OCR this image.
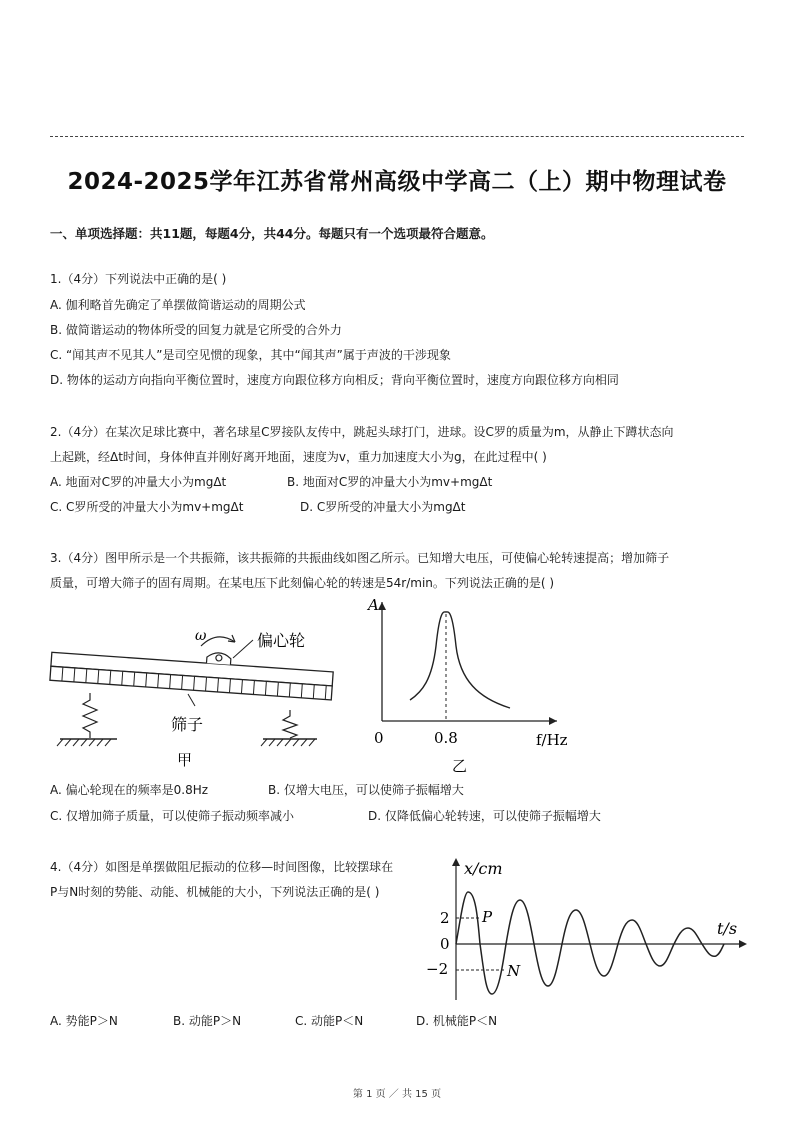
2024-2025学年江苏省常州高级中学高二（上）期中物理试卷
一、单项选择题：共11题，每题4分，共44分。每题只有一个选项最符合题意。
1.（4分）下列说法中正确的是( )
A. 伽利略首先确定了单摆做简谐运动的周期公式
B. 做简谐运动的物体所受的回复力就是它所受的合外力
C. “闻其声不见其人”是司空见惯的现象，其中“闻其声”属于声波的干涉现象
D. 物体的运动方向指向平衡位置时，速度方向跟位移方向相反；背向平衡位置时，速度方向跟位移方向相同
2.（4分）在某次足球比赛中，著名球星C罗接队友传中，跳起头球打门，进球。设C罗的质量为m，从静止下蹲状态向
上起跳，经Δt时间，身体伸直并刚好离开地面，速度为v，重力加速度大小为g，在此过程中( )
A. 地面对C罗的冲量大小为mgΔt	B. 地面对C罗的冲量大小为mv+mgΔt
C. C罗所受的冲量大小为mv+mgΔt	D. C罗所受的冲量大小为mgΔt
3.（4分）图甲所示是一个共振筛，该共振筛的共振曲线如图乙所示。已知增大电压，可使偏心轮转速提高；增加筛子
质量，可增大筛子的固有周期。在某电压下此刻偏心轮的转速是54r/min。下列说法正确的是( )
ω	偏心轮
筛子
甲
A
f/Hz
0	0.8
乙
A. 偏心轮现在的频率是0.8Hz	B. 仅增大电压，可以使筛子振幅增大
C. 仅增加筛子质量，可以使筛子振动频率减小	D. 仅降低偏心轮转速，可以使筛子振幅增大
4.（4分）如图是单摆做阻尼振动的位移—时间图像，比较摆球在
P与N时刻的势能、动能、机械能的大小，下列说法正确的是( )
x/cm
t/s
2
0
−2
P
N
A. 势能P＞N	B. 动能P＞N	C. 动能P＜N	D. 机械能P＜N
第 1 页 ／ 共 15 页
